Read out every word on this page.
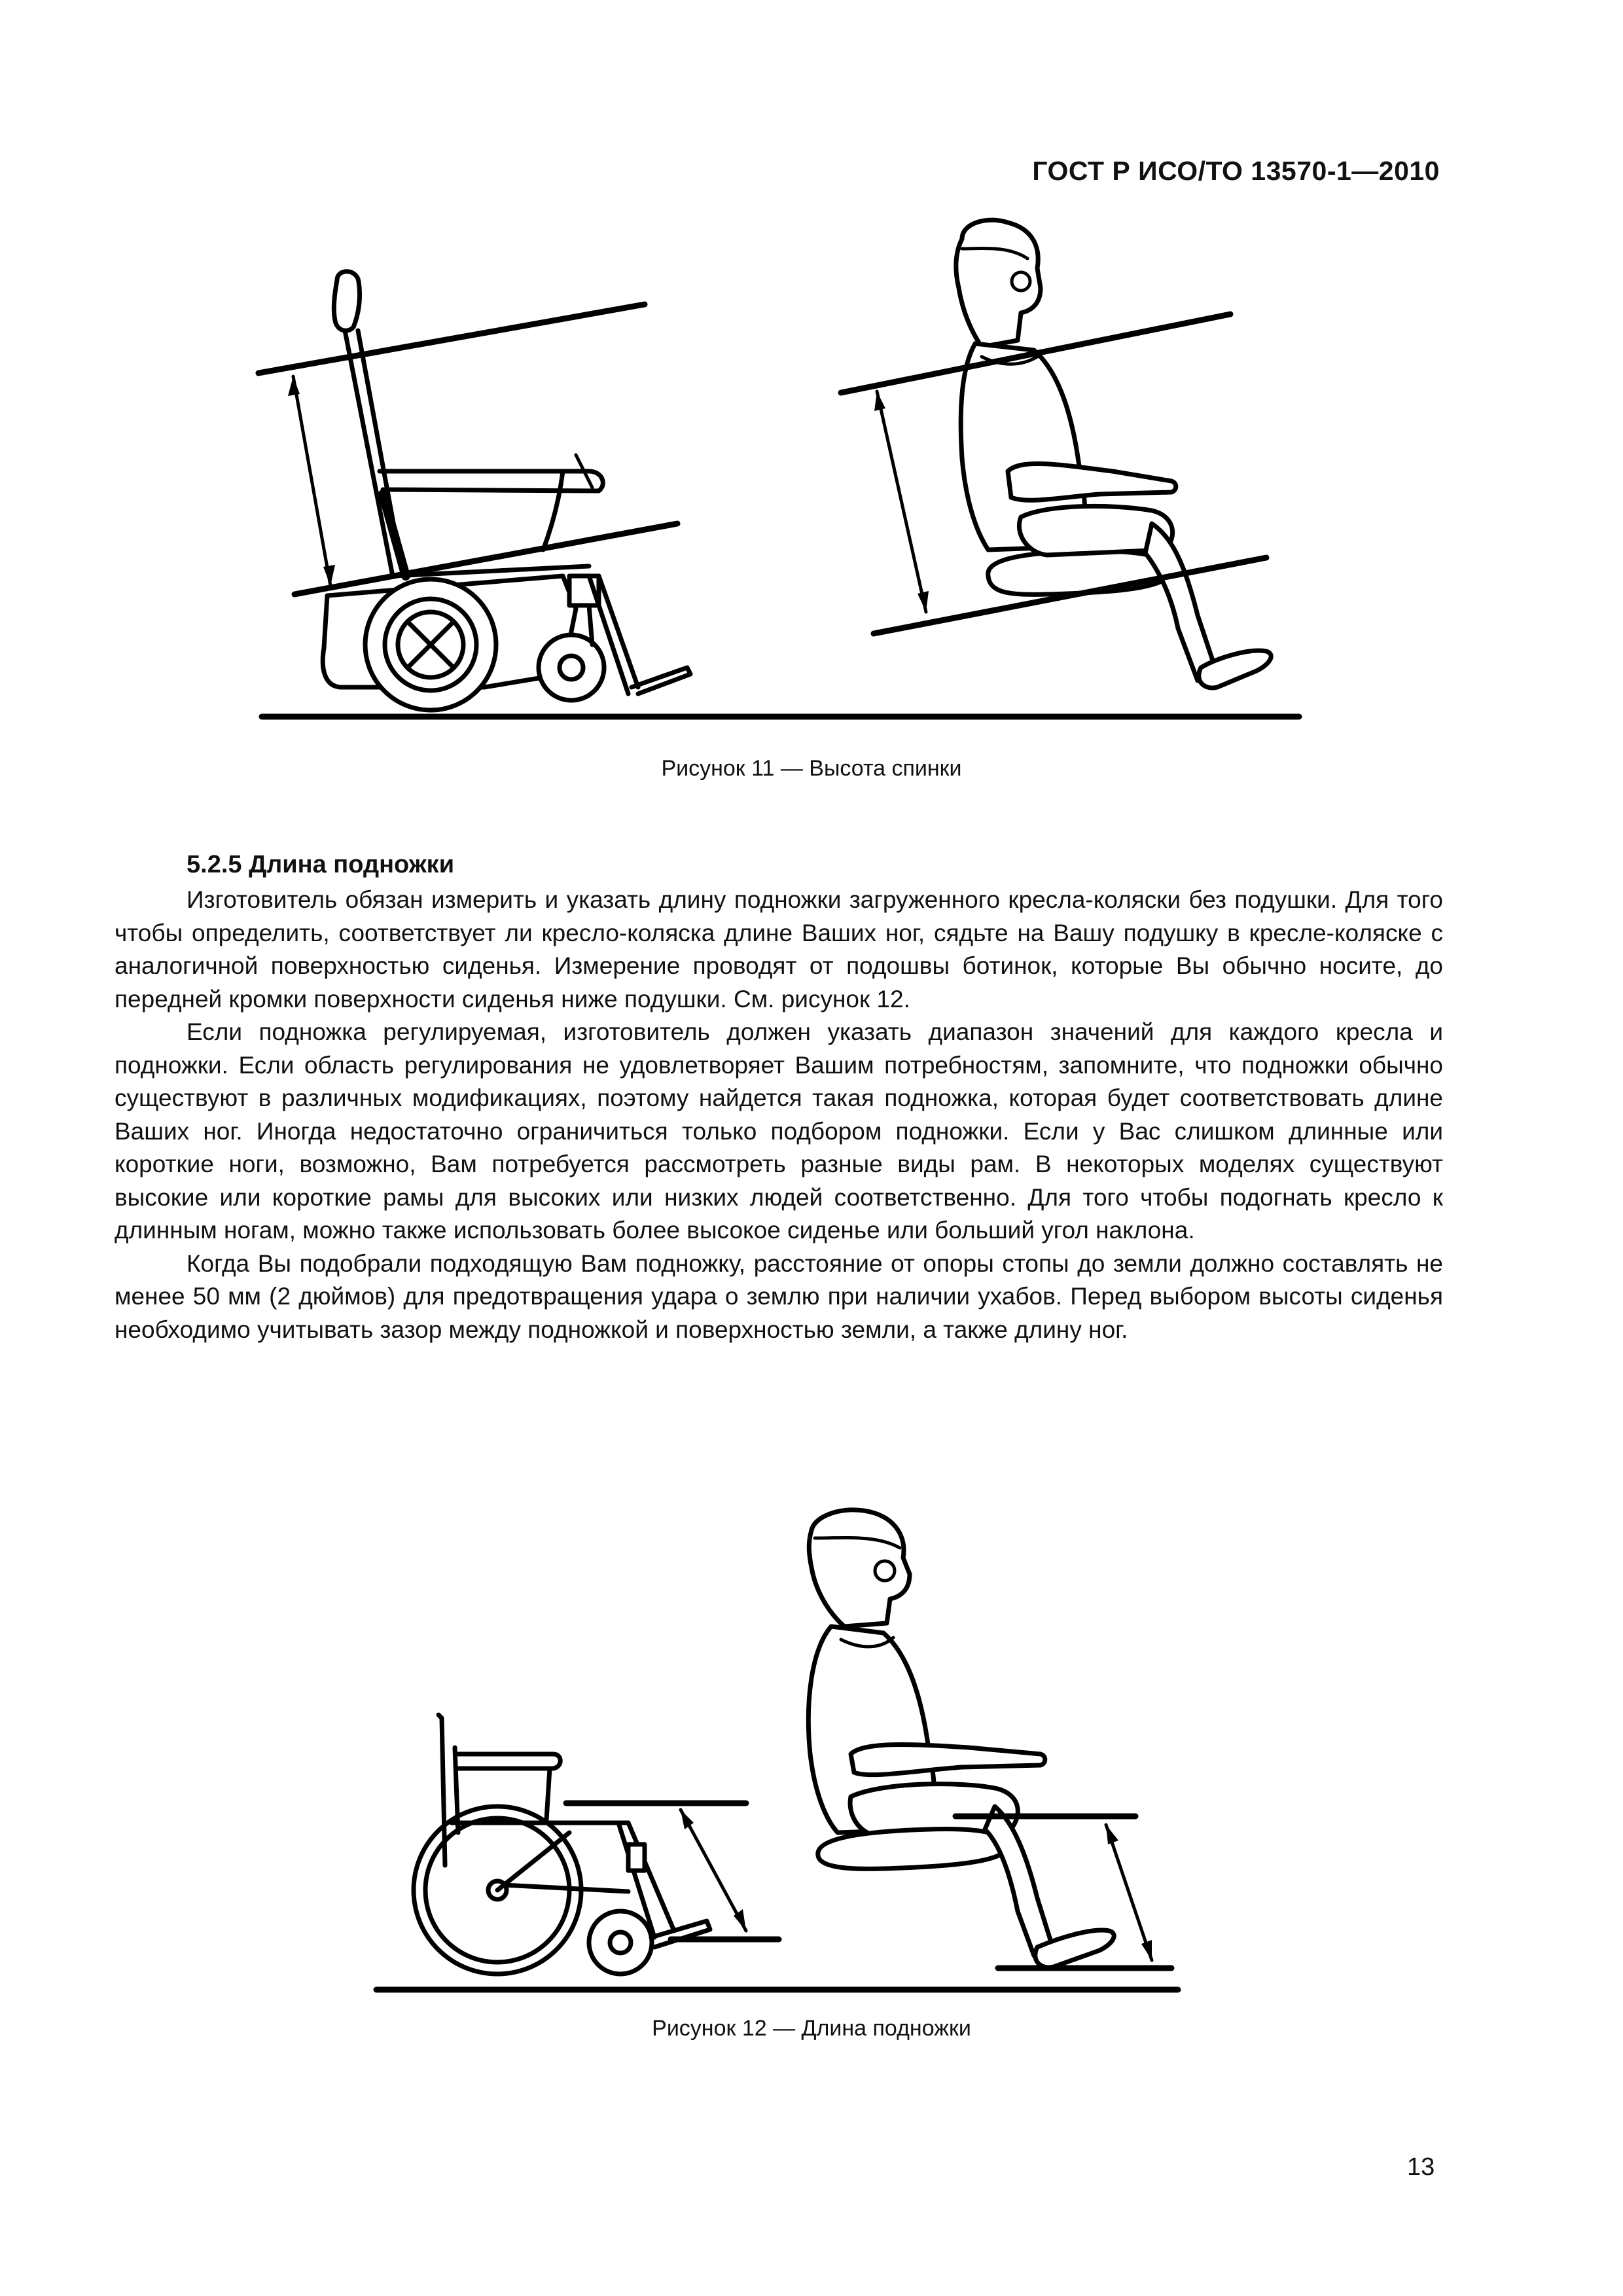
ГОСТ Р ИСО/ТО 13570-1—2010
Рисунок 11 — Высота спинки
5.2.5 Длина подножки

Изготовитель обязан измерить и указать длину подножки загруженного кресла-коляски без подушки. Для того чтобы определить, соответствует ли кресло-коляска длине Ваших ног, сядьте на Вашу подушку в кресле-коляске с аналогичной поверхностью сиденья. Измерение проводят от подошвы ботинок, которые Вы обычно носите, до передней кромки поверхности сиденья ниже подушки. См. рисунок 12.

Если подножка регулируемая, изготовитель должен указать диапазон значений для каждого кресла и подножки. Если область регулирования не удовлетворяет Вашим потребностям, запомните, что подножки обычно существуют в различных модификациях, поэтому найдется такая подножка, которая будет соответствовать длине Ваших ног. Иногда недостаточно ограничиться только подбором подножки. Если у Вас слишком длинные или короткие ноги, возможно, Вам потребуется рассмотреть разные виды рам. В некоторых моделях существуют высокие или короткие рамы для высоких или низких людей соответственно. Для того чтобы подогнать кресло к длинным ногам, можно также использовать более высокое сиденье или больший угол наклона.

Когда Вы подобрали подходящую Вам подножку, расстояние от опоры стопы до земли должно составлять не менее 50 мм (2 дюймов) для предотвращения удара о землю при наличии ухабов. Перед выбором высоты сиденья необходимо учитывать зазор между подножкой и поверхностью земли, а также длину ног.

Рисунок 12 — Длина подножки
13
